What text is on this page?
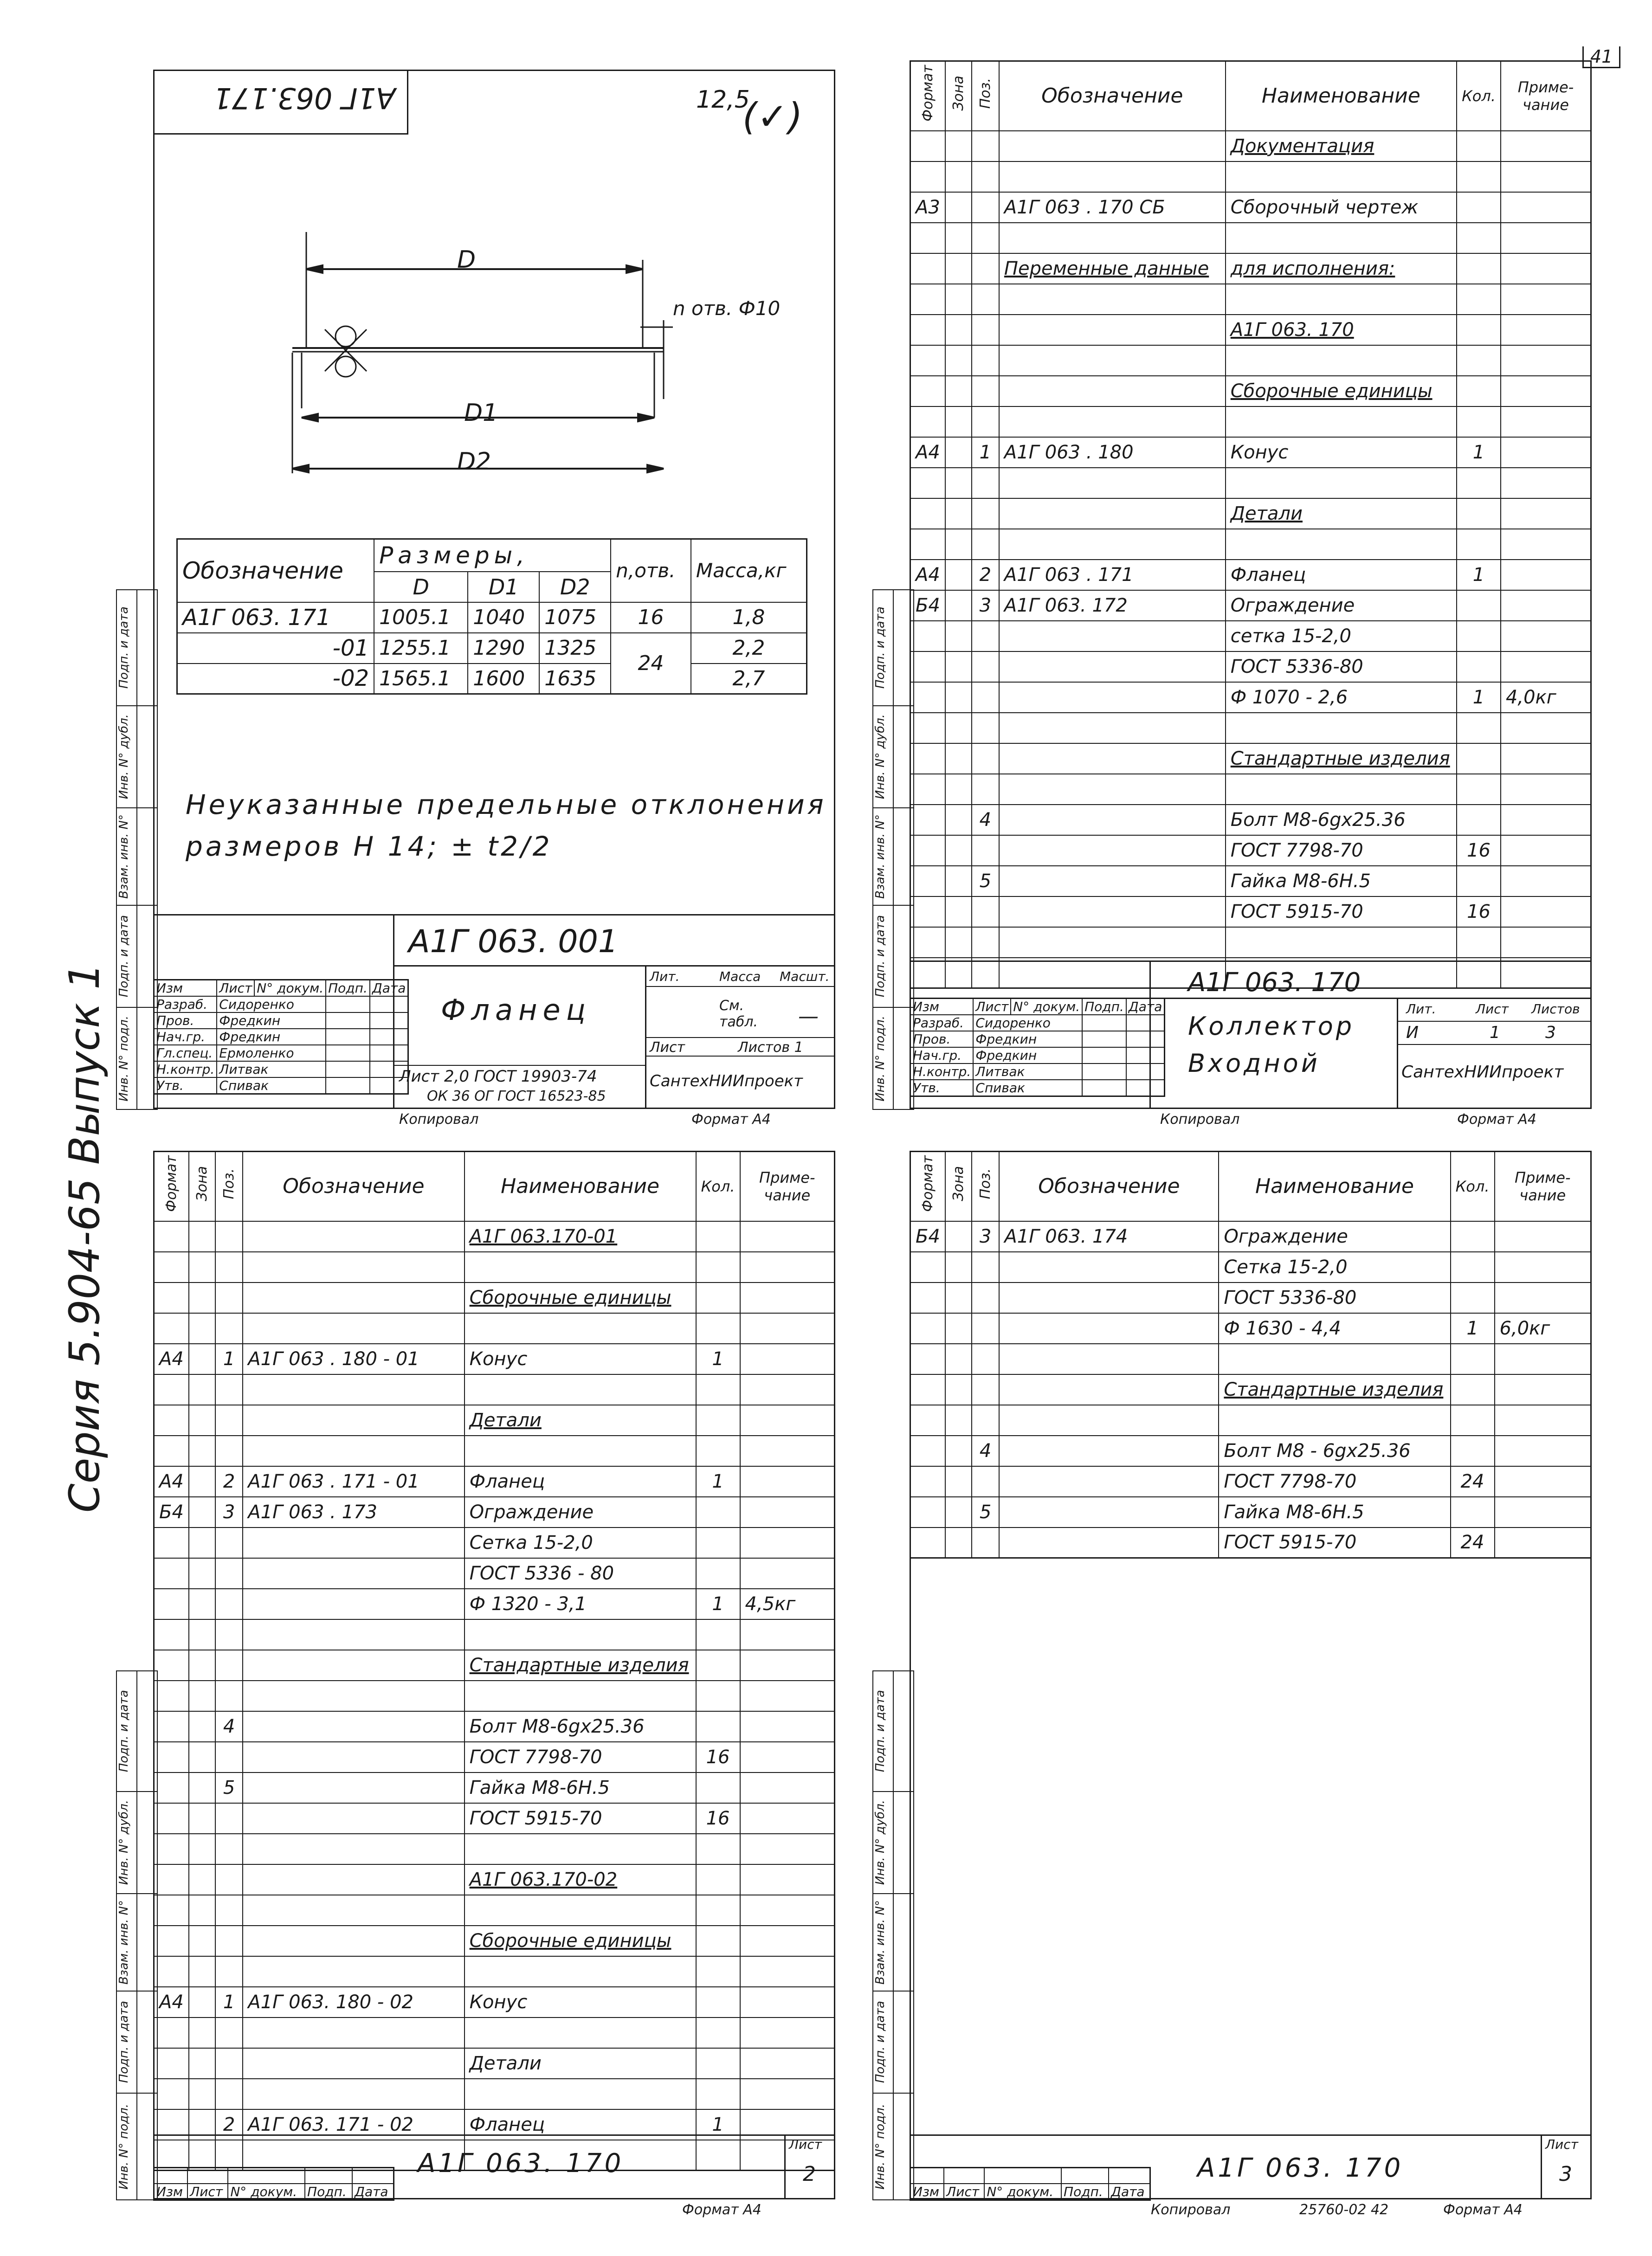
41
Серия 5.904-65 Выпуск 1
А1Г 063.171	12,5
(✓)
D
n отв. Ф10
D1
D2
Обозначение	Размеры,			n,отв.	Масса,кг
	D	D1	D2		
А1Г 063. 171	1005.1	1040	1075	16	1,8
-01	1255.1	1290	1325	24	2,2
-02	1565.1	1600	1635		2,7
Неуказанные предельные отклонения
размеров H 14; ± t2/2
А1Г 063. 001
Фланец
Лит.	Масса Масшт.
См. табл.	—
Лист	Листов 1
СантехНИИпроект
Лист 2,0 ГОСТ 19903-74
ОК 36 ОГ ГОСТ 16523-85
Копировал	Формат А4
Изм	Лист	N° докум.	Подп.	Дата
Разраб.	Сидоренко			
Пров.	Фредкин			
Нач.гр.	Фредкин			
Гл.спец.	Ермоленко			
Н.контр.	Литвак			
Утв.	Спивак			
Подп. и дата	

Инв. N° дубл.	

Взам. инв. N°	

Подп. и дата	

Инв. N° подл.	

Формат	Зона	Поз.	Обозначение	Наименование	Кол.	Приме-чание

				Документация		

А3			А1Г 063 . 170 СБ	Сборочный чертеж		

			Переменные данные	для исполнения:		

				А1Г 063. 170		

				Сборочные единицы		

А4		1	А1Г 063 . 180	Конус	1	

				Детали		

А4		2	А1Г 063 . 171	Фланец	1	
Б4		3	А1Г 063. 172	Ограждение		
				сетка 15-2,0		
				ГОСТ 5336-80		
				Ф 1070 - 2,6	1	4,0кг

				Стандартные изделия		

		4		Болт М8-6gх25.36		
				ГОСТ 7798-70	16	
		5		Гайка М8-6Н.5		
				ГОСТ 5915-70	16	

А1Г 063. 170
Коллектор
Входной
Лит.	Лист Листов
И	1	3
СантехНИИпроект
Копировал	Формат А4
Изм	Лист	N° докум.	Подп.	Дата
Разраб.	Сидоренко			
Пров.	Фредкин			
Нач.гр.	Фредкин			
Н.контр.	Литвак			
Утв.	Спивак			
Подп. и дата	

Инв. N° дубл.	

Взам. инв. N°	

Подп. и дата	

Инв. N° подл.	

Формат	Зона	Поз.	Обозначение	Наименование	Кол.	Приме-чание

				А1Г 063.170-01		

				Сборочные единицы		

А4		1	А1Г 063 . 180 - 01	Конус	1	

				Детали		

А4		2	А1Г 063 . 171 - 01	Фланец	1	
Б4		3	А1Г 063 . 173	Ограждение		
				Сетка 15-2,0		
				ГОСТ 5336 - 80		
				Ф 1320 - 3,1	1	4,5кг

				Стандартные изделия		

		4		Болт М8-6gх25.36		
				ГОСТ 7798-70	16	
		5		Гайка М8-6Н.5		
				ГОСТ 5915-70	16	

				А1Г 063.170-02		

				Сборочные единицы		

А4		1	А1Г 063. 180 - 02	Конус		

				Детали		

		2	А1Г 063. 171 - 02	Фланец	1	

А1Г 063. 170
Лист
2

Изм	Лист	N° докум.	Подп.	Дата
Формат А4
Подп. и дата	

Инв. N° дубл.	

Взам. инв. N°	

Подп. и дата	

Инв. N° подл.	

Формат	Зона	Поз.	Обозначение	Наименование	Кол.	Приме-чание

Б4		3	А1Г 063. 174	Ограждение		
				Сетка 15-2,0		
				ГОСТ 5336-80		
				Ф 1630 - 4,4	1	6,0кг

				Стандартные изделия		

		4		Болт М8 - 6gх25.36		
				ГОСТ 7798-70	24	
		5		Гайка М8-6Н.5		
				ГОСТ 5915-70	24	
А1Г 063. 170
Лист
3

Изм	Лист	N° докум.	Подп.	Дата
Копировал	25760-02 42	Формат А4
Подп. и дата	

Инв. N° дубл.	

Взам. инв. N°	

Подп. и дата	

Инв. N° подл.	
